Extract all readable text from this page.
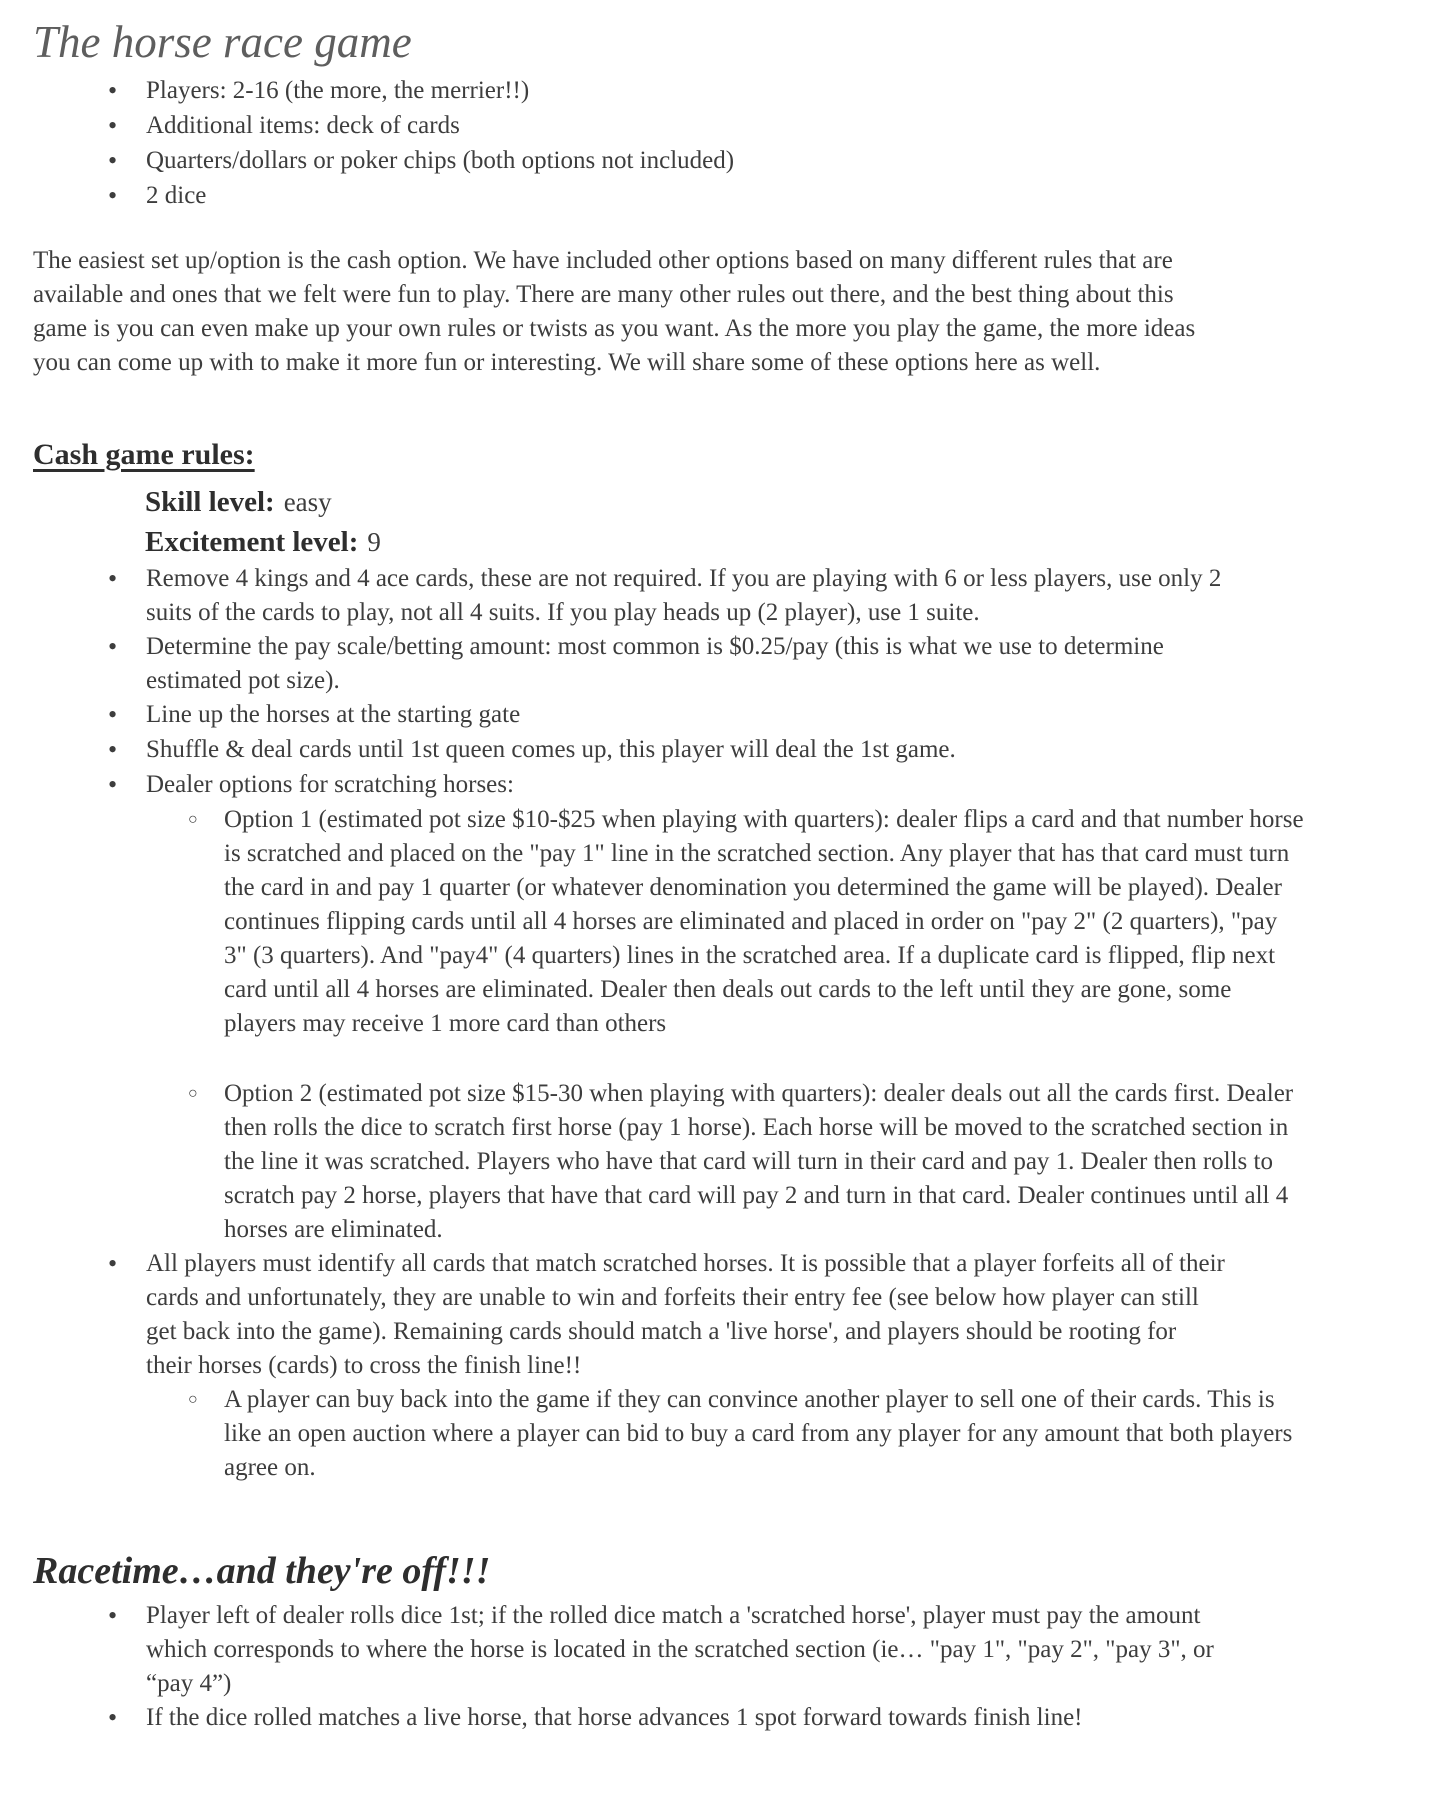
The horse race game
•
Players: 2-16 (the more, the merrier!!)
•
Additional items: deck of cards
•
Quarters/dollars or poker chips (both options not included)
•
2 dice

The easiest set up/option is the cash option. We have included other options based on many different rules that are available and ones that we felt were fun to play. There are many other rules out there, and the best thing about this game is you can even make up your own rules or twists as you want. As the more you play the game, the more ideas you can come up with to make it more fun or interesting. We will share some of these options here as well.

Cash game rules:
Skill level: easy
Excitement level: 9
•
Remove 4 kings and 4 ace cards, these are not required. If you are playing with 6 or less players, use only 2 suits of the cards to play, not all 4 suits. If you play heads up (2 player), use 1 suite.
•
Determine the pay scale/betting amount: most common is $0.25/pay (this is what we use to determine estimated pot size).
•
Line up the horses at the starting gate
•
Shuffle & deal cards until 1st queen comes up, this player will deal the 1st game.
•
Dealer options for scratching horses:
○
Option 1 (estimated pot size $10-$25 when playing with quarters): dealer flips a card and that number horse is scratched and placed on the "pay 1" line in the scratched section. Any player that has that card must turn the card in and pay 1 quarter (or whatever denomination you determined the game will be played). Dealer continues flipping cards until all 4 horses are eliminated and placed in order on "pay 2" (2 quarters), "pay 3" (3 quarters). And "pay4" (4 quarters) lines in the scratched area. If a duplicate card is flipped, flip next card until all 4 horses are eliminated. Dealer then deals out cards to the left until they are gone, some players may receive 1 more card than others
○
Option 2 (estimated pot size $15-30 when playing with quarters): dealer deals out all the cards first. Dealer then rolls the dice to scratch first horse (pay 1 horse). Each horse will be moved to the scratched section in the line it was scratched. Players who have that card will turn in their card and pay 1. Dealer then rolls to scratch pay 2 horse, players that have that card will pay 2 and turn in that card. Dealer continues until all 4 horses are eliminated.
•
All players must identify all cards that match scratched horses. It is possible that a player forfeits all of their cards and unfortunately, they are unable to win and forfeits their entry fee (see below how player can still get back into the game). Remaining cards should match a 'live horse', and players should be rooting for their horses (cards) to cross the finish line!!
○
A player can buy back into the game if they can convince another player to sell one of their cards. This is like an open auction where a player can bid to buy a card from any player for any amount that both players agree on.
Racetime…and they're off!!!
•
Player left of dealer rolls dice 1st; if the rolled dice match a 'scratched horse', player must pay the amount which corresponds to where the horse is located in the scratched section (ie… "pay 1", "pay 2", "pay 3", or “pay 4”)
•
If the dice rolled matches a live horse, that horse advances 1 spot forward towards finish line!
